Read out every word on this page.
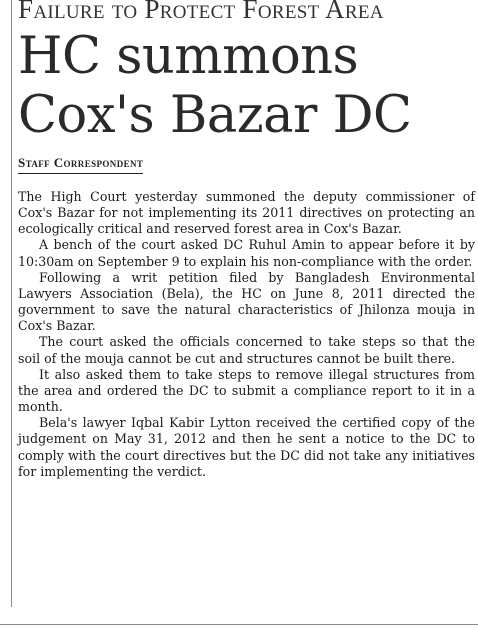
Failure to Protect Forest Area
HC summons
Cox's Bazar DC
Staff Correspondent

The High Court yesterday summoned the deputy commissioner of Cox's Bazar for not implementing its 2011 directives on protecting an ecologically critical and reserved forest area in Cox's Bazar.

A bench of the court asked DC Ruhul Amin to appear before it by 10:30am on September 9 to explain his non-compliance with the order.

Following a writ petition filed by Bangladesh Environmental Lawyers Association (Bela), the HC on June 8, 2011 directed the government to save the natural characteristics of Jhilonza mouja in Cox's Bazar.

The court asked the officials concerned to take steps so that the soil of the mouja cannot be cut and structures cannot be built there.

It also asked them to take steps to remove illegal structures from the area and ordered the DC to submit a compliance report to it in a month.

Bela's lawyer Iqbal Kabir Lytton received the certified copy of the judgement on May 31, 2012 and then he sent a notice to the DC to comply with the court directives but the DC did not take any initiatives for implementing the verdict.
